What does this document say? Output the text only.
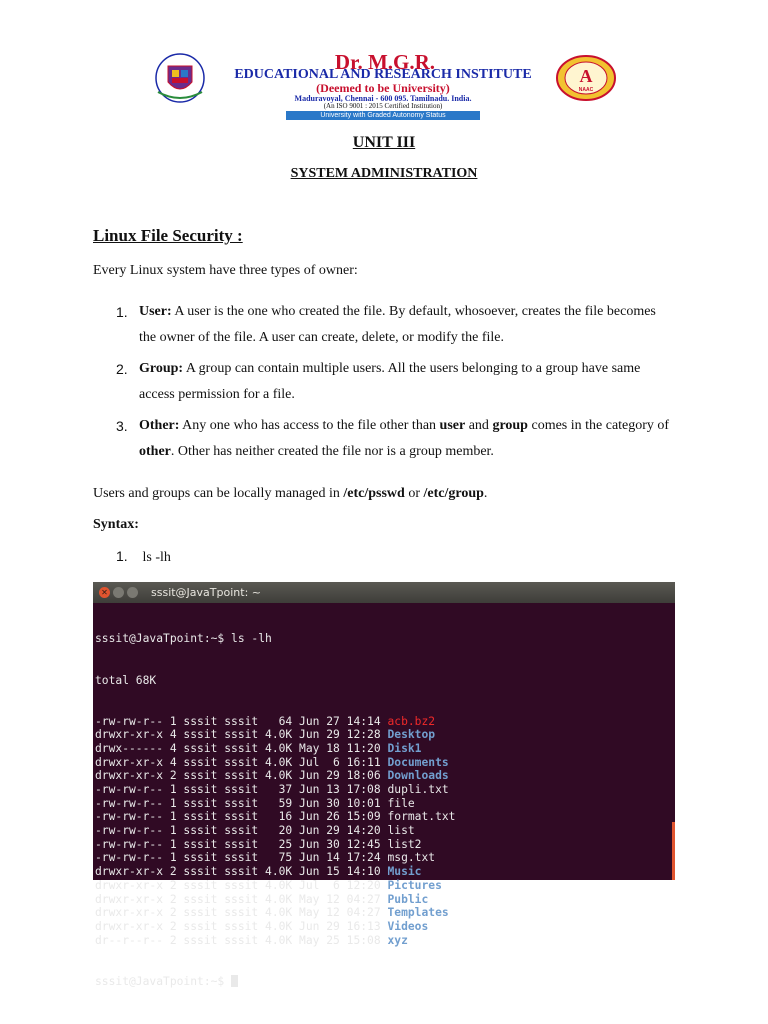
Dr. M.G.R.
EDUCATIONAL AND RESEARCH INSTITUTE
(Deemed to be University)
Maduravoyal, Chennai - 600 095. Tamilnadu. India.
(An ISO 9001 : 2015 Certified Institution)
University with Graded Autonomy Status
A
NAAC
UNIT III
SYSTEM ADMINISTRATION
Linux File Security :
Every Linux system have three types of owner:
1. User: A user is the one who created the file. By default, whosoever, creates the file becomes the owner of the file. A user can create, delete, or modify the file.
2. Group: A group can contain multiple users. All the users belonging to a group have same access permission for a file.
3. Other: Any one who has access to the file other than user and group comes in the category of other. Other has neither created the file nor is a group member.
Users and groups can be locally managed in /etc/psswd or /etc/group.
Syntax:
1. ls -lh
✕	sssit@JavaTpoint: ~

sssit@JavaTpoint:~$ ls -lh

total 68K

-rw-rw-r-- 1 sssit sssit   64 Jun 27 14:14 acb.bz2
drwxr-xr-x 4 sssit sssit 4.0K Jun 29 12:28 Desktop
drwx------ 4 sssit sssit 4.0K May 18 11:20 Disk1
drwxr-xr-x 4 sssit sssit 4.0K Jul  6 16:11 Documents
drwxr-xr-x 2 sssit sssit 4.0K Jun 29 18:06 Downloads
-rw-rw-r-- 1 sssit sssit   37 Jun 13 17:08 dupli.txt
-rw-rw-r-- 1 sssit sssit   59 Jun 30 10:01 file
-rw-rw-r-- 1 sssit sssit   16 Jun 26 15:09 format.txt
-rw-rw-r-- 1 sssit sssit   20 Jun 29 14:20 list
-rw-rw-r-- 1 sssit sssit   25 Jun 30 12:45 list2
-rw-rw-r-- 1 sssit sssit   75 Jun 14 17:24 msg.txt
drwxr-xr-x 2 sssit sssit 4.0K Jun 15 14:10 Music
drwxr-xr-x 2 sssit sssit 4.0K Jul  6 12:20 Pictures
drwxr-xr-x 2 sssit sssit 4.0K May 12 04:27 Public
drwxr-xr-x 2 sssit sssit 4.0K May 12 04:27 Templates
drwxr-xr-x 2 sssit sssit 4.0K Jun 29 16:13 Videos
dr--r--r-- 2 sssit sssit 4.0K May 25 15:08 xyz

sssit@JavaTpoint:~$
